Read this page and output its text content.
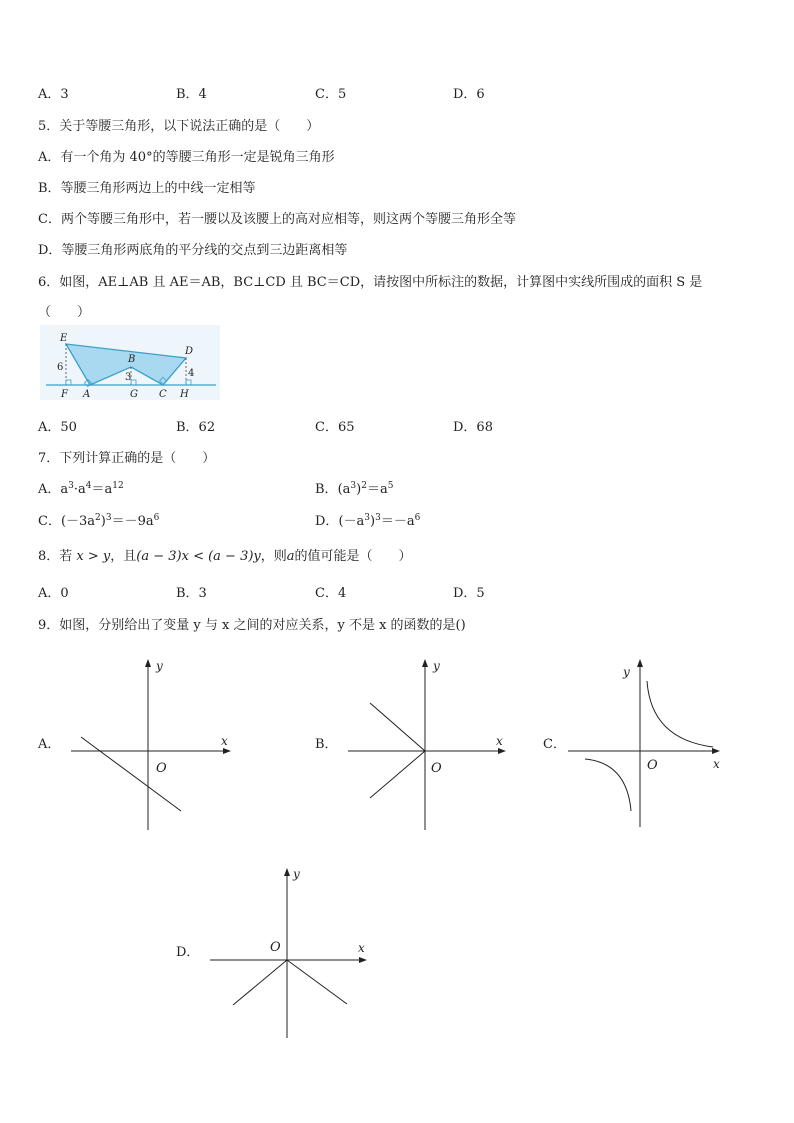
A．3	B．4	C．5	D．6
5．关于等腰三角形，以下说法正确的是（　　）
A．有一个角为 40°的等腰三角形一定是锐角三角形
B．等腰三角形两边上的中线一定相等
C．两个等腰三角形中，若一腰以及该腰上的高对应相等，则这两个等腰三角形全等
D．等腰三角形两底角的平分线的交点到三边距离相等
6．如图，AE⊥AB 且 AE＝AB，BC⊥CD 且 BC＝CD，请按图中所标注的数据，计算图中实线所围成的面积 S 是
（　　）
E
B
D
F A	G C H
6
3	4
A．50	B．62	C．65	D．68
7．下列计算正确的是（　　）
A．$a^3\cdot a^4=a^{12}$	B．$(a^3)^2=a^5$
C．$(-3a^2)^3=-9a^6$	D．$(-a^3)^3=-a^6$
8．若 x > y，且(a − 3)x < (a − 3)y，则a的值可能是（　　）
A．0	B．3	C．4	D．5
9．如图，分别给出了变量 y 与 x 之间的对应关系，y 不是 x 的函数的是()
A．	B．	C．
D．
x
y
O
x
y
O	x
y
O
x
y
O
